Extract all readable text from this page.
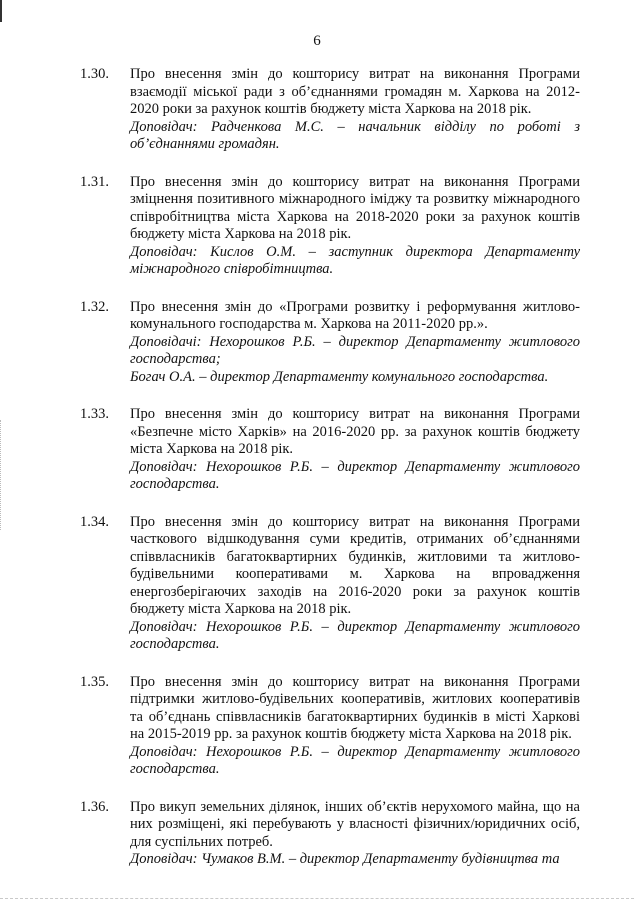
6
1.30. Про внесення змін до кошторису витрат на виконання Програми взаємодії міської ради з об’єднаннями громадян м. Харкова на 2012-2020 роки за рахунок коштів бюджету міста Харкова на 2018 рік.

Доповідач: Радченкова М.С. – начальник відділу по роботі з об’єднаннями громадян.

1.31. Про внесення змін до кошторису витрат на виконання Програми зміцнення позитивного міжнародного іміджу та розвитку міжнародного співробітництва міста Харкова на 2018-2020 роки за рахунок коштів бюджету міста Харкова на 2018 рік.

Доповідач: Кислов О.М. – заступник директора Департаменту міжнародного співробітництва.

1.32. Про внесення змін до «Програми розвитку і реформування житлово-комунального господарства м. Харкова на 2011-2020 рр.».

Доповідачі: Нехорошков Р.Б. – директор Департаменту житлового господарства;

Богач О.А. – директор Департаменту комунального господарства.

1.33. Про внесення змін до кошторису витрат на виконання Програми «Безпечне місто Харків» на 2016-2020 рр. за рахунок коштів бюджету міста Харкова на 2018 рік.

Доповідач: Нехорошков Р.Б. – директор Департаменту житлового господарства.

1.34. Про внесення змін до кошторису витрат на виконання Програми часткового відшкодування суми кредитів, отриманих об’єднаннями співвласників багатоквартирних будинків, житловими та житлово-будівельними кооперативами м. Харкова на впровадження енергозберігаючих заходів на 2016-2020 роки за рахунок коштів бюджету міста Харкова на 2018 рік.

Доповідач: Нехорошков Р.Б. – директор Департаменту житлового господарства.

1.35. Про внесення змін до кошторису витрат на виконання Програми підтримки житлово-будівельних кооперативів, житлових кооперативів та об’єднань співвласників багатоквартирних будинків в місті Харкові на 2015-2019 рр. за рахунок коштів бюджету міста Харкова на 2018 рік.

Доповідач: Нехорошков Р.Б. – директор Департаменту житлового господарства.

1.36. Про викуп земельних ділянок, інших об’єктів нерухомого майна, що на них розміщені, які перебувають у власності фізичних/юридичних осіб, для суспільних потреб.

Доповідач: Чумаков В.М. – директор Департаменту будівництва та
